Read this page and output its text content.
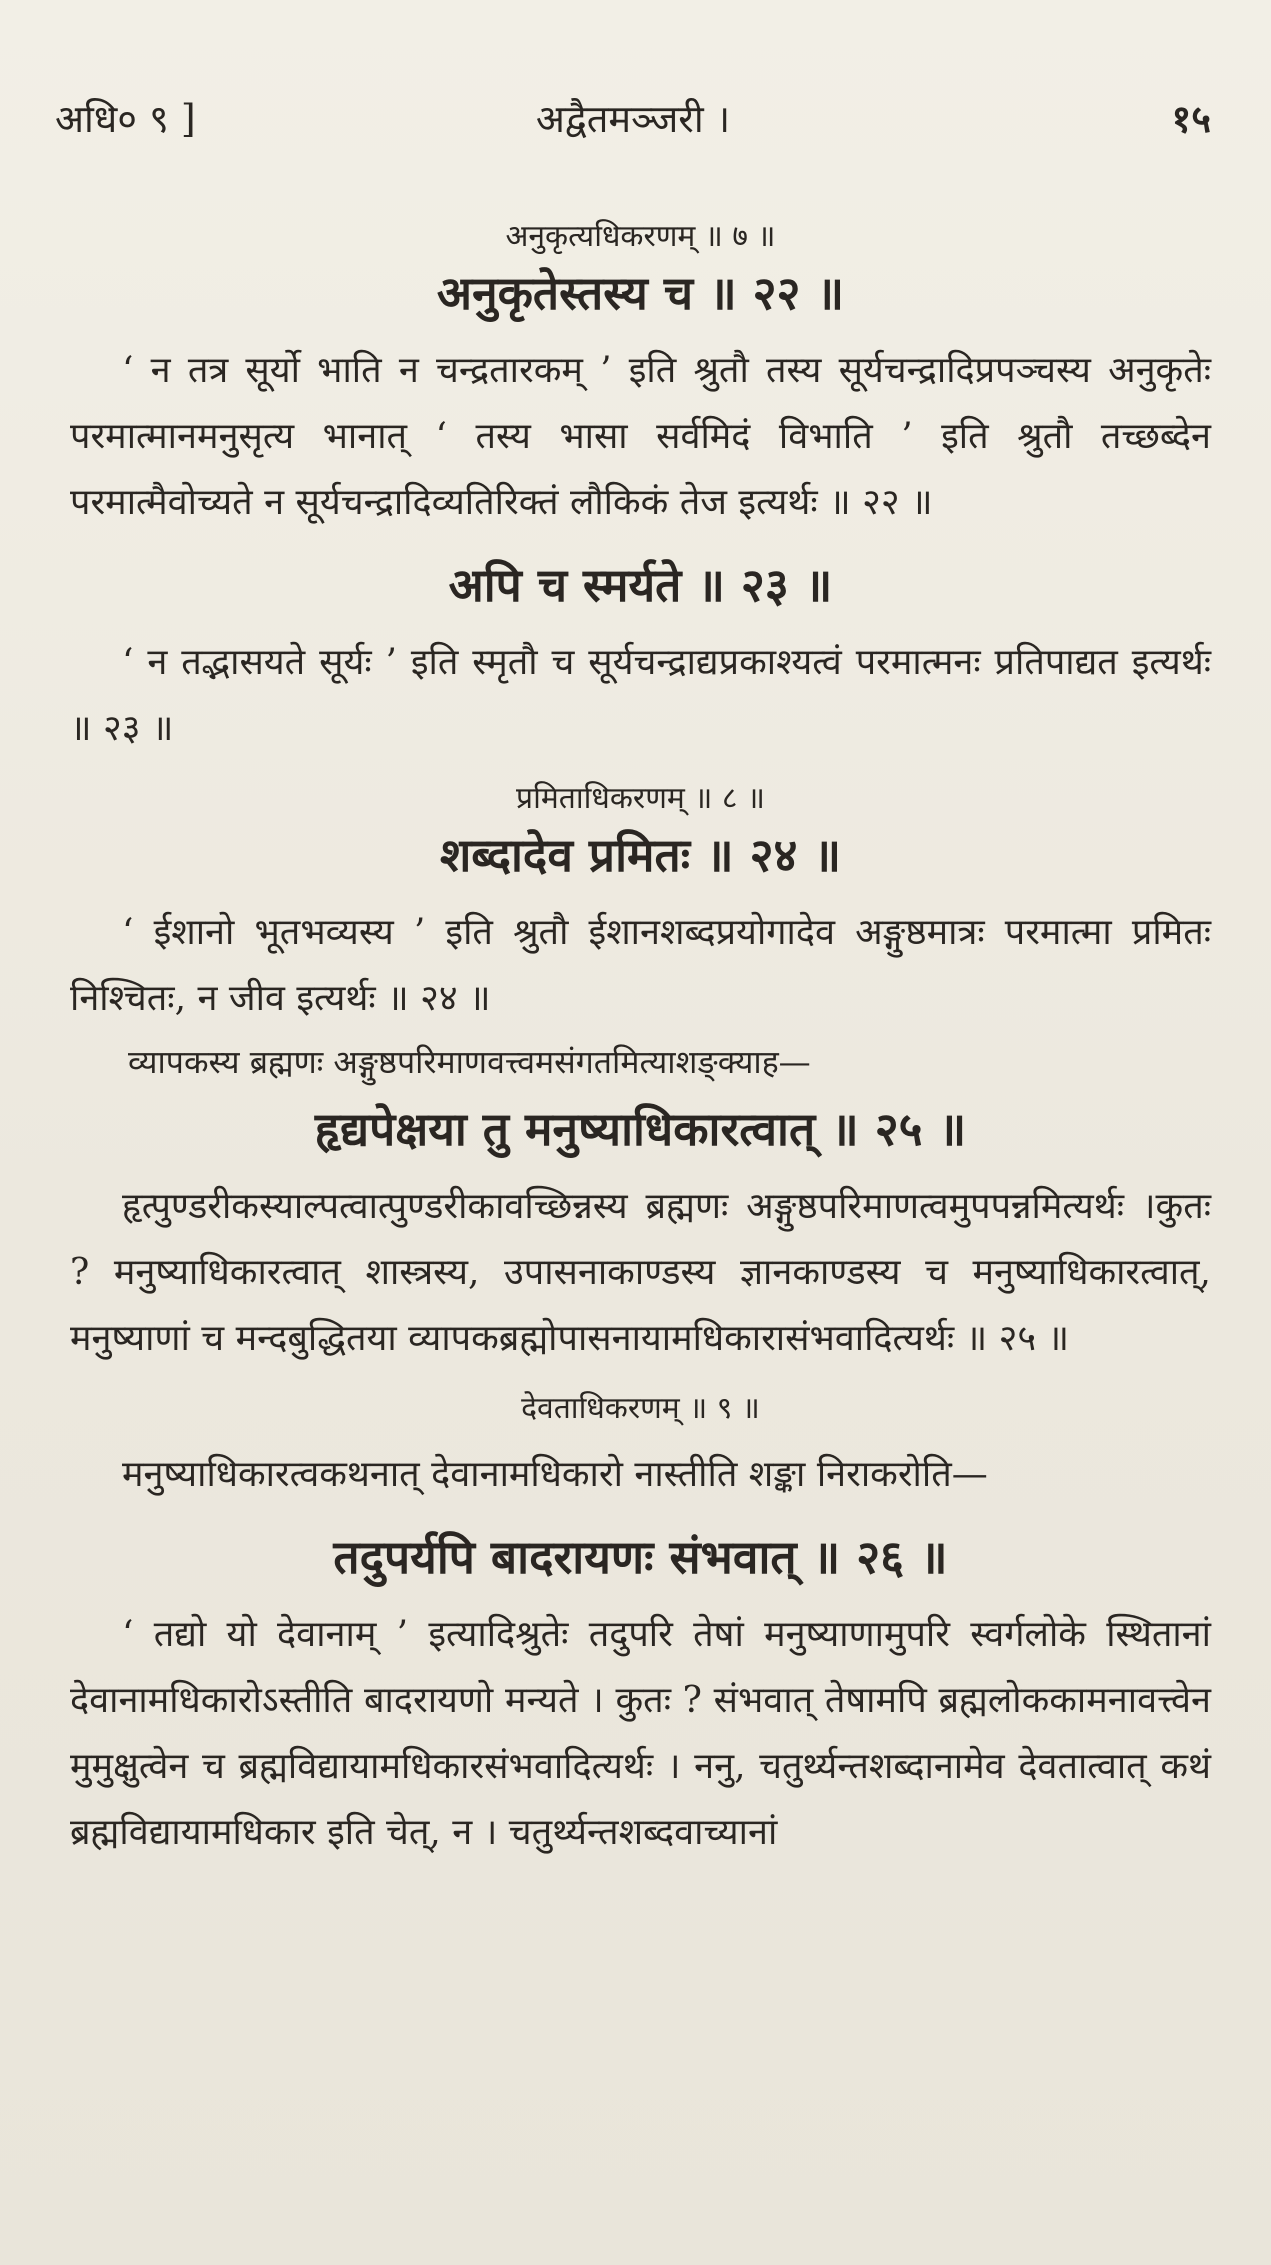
अधि० ९ ]	अद्वैतमञ्जरी ।	१५
अनुकृत्यधिकरणम् ॥ ७ ॥
अनुकृतेस्तस्य च ॥ २२ ॥

‘ न तत्र सूर्यो भाति न चन्द्रतारकम् ’ इति श्रुतौ तस्य सूर्यचन्द्रादिप्रपञ्चस्य अनुकृतेः परमात्मानमनुसृत्य भानात् ‘ तस्य भासा सर्वमिदं विभाति ’ इति श्रुतौ तच्छब्देन परमात्मैवोच्यते न सूर्यचन्द्रादिव्यतिरिक्तं लौकिकं तेज इत्यर्थः ॥ २२ ॥

अपि च स्मर्यते ॥ २३ ॥

‘ न तद्भासयते सूर्यः ’ इति स्मृतौ च सूर्यचन्द्राद्यप्रकाश्यत्वं परमात्मनः प्रतिपाद्यत इत्यर्थः ॥ २३ ॥

प्रमिताधिकरणम् ॥ ८ ॥
शब्दादेव प्रमितः ॥ २४ ॥

‘ ईशानो भूतभव्यस्य ’ इति श्रुतौ ईशानशब्दप्रयोगादेव अङ्गुष्ठमात्रः परमात्मा प्रमितः निश्चितः, न जीव इत्यर्थः ॥ २४ ॥

व्यापकस्य ब्रह्मणः अङ्गुष्ठपरिमाणवत्त्वमसंगतमित्याशङ्क्याह—

हृद्यपेक्षया तु मनुष्याधिकारत्वात् ॥ २५ ॥

हृत्पुण्डरीकस्याल्पत्वात्पुण्डरीकावच्छिन्नस्य ब्रह्मणः अङ्गुष्ठपरिमाणत्वमुपपन्नमित्यर्थः ।कुतः ? मनुष्याधिकारत्वात् शास्त्रस्य, उपासनाकाण्डस्य ज्ञानकाण्डस्य च मनुष्याधिकारत्वात्, मनुष्याणां च मन्दबुद्धितया व्यापकब्रह्मोपासनायामधिकारासंभवादित्यर्थः ॥ २५ ॥

देवताधिकरणम् ॥ ९ ॥

मनुष्याधिकारत्वकथनात् देवानामधिकारो नास्तीति शङ्का निराकरोति—

तदुपर्यपि बादरायणः संभवात् ॥ २६ ॥

‘ तद्यो यो देवानाम् ’ इत्यादिश्रुतेः तदुपरि तेषां मनुष्याणामुपरि स्वर्गलोके स्थितानां देवानामधिकारोऽस्तीति बादरायणो मन्यते । कुतः ? संभवात् तेषामपि ब्रह्मलोककामनावत्त्वेन मुमुक्षुत्वेन च ब्रह्मविद्यायामधिकारसंभवादित्यर्थः । ननु, चतुर्थ्यन्तशब्दानामेव देवतात्वात् कथं ब्रह्मविद्यायामधिकार इति चेत्, न । चतुर्थ्यन्तशब्दवाच्यानां
